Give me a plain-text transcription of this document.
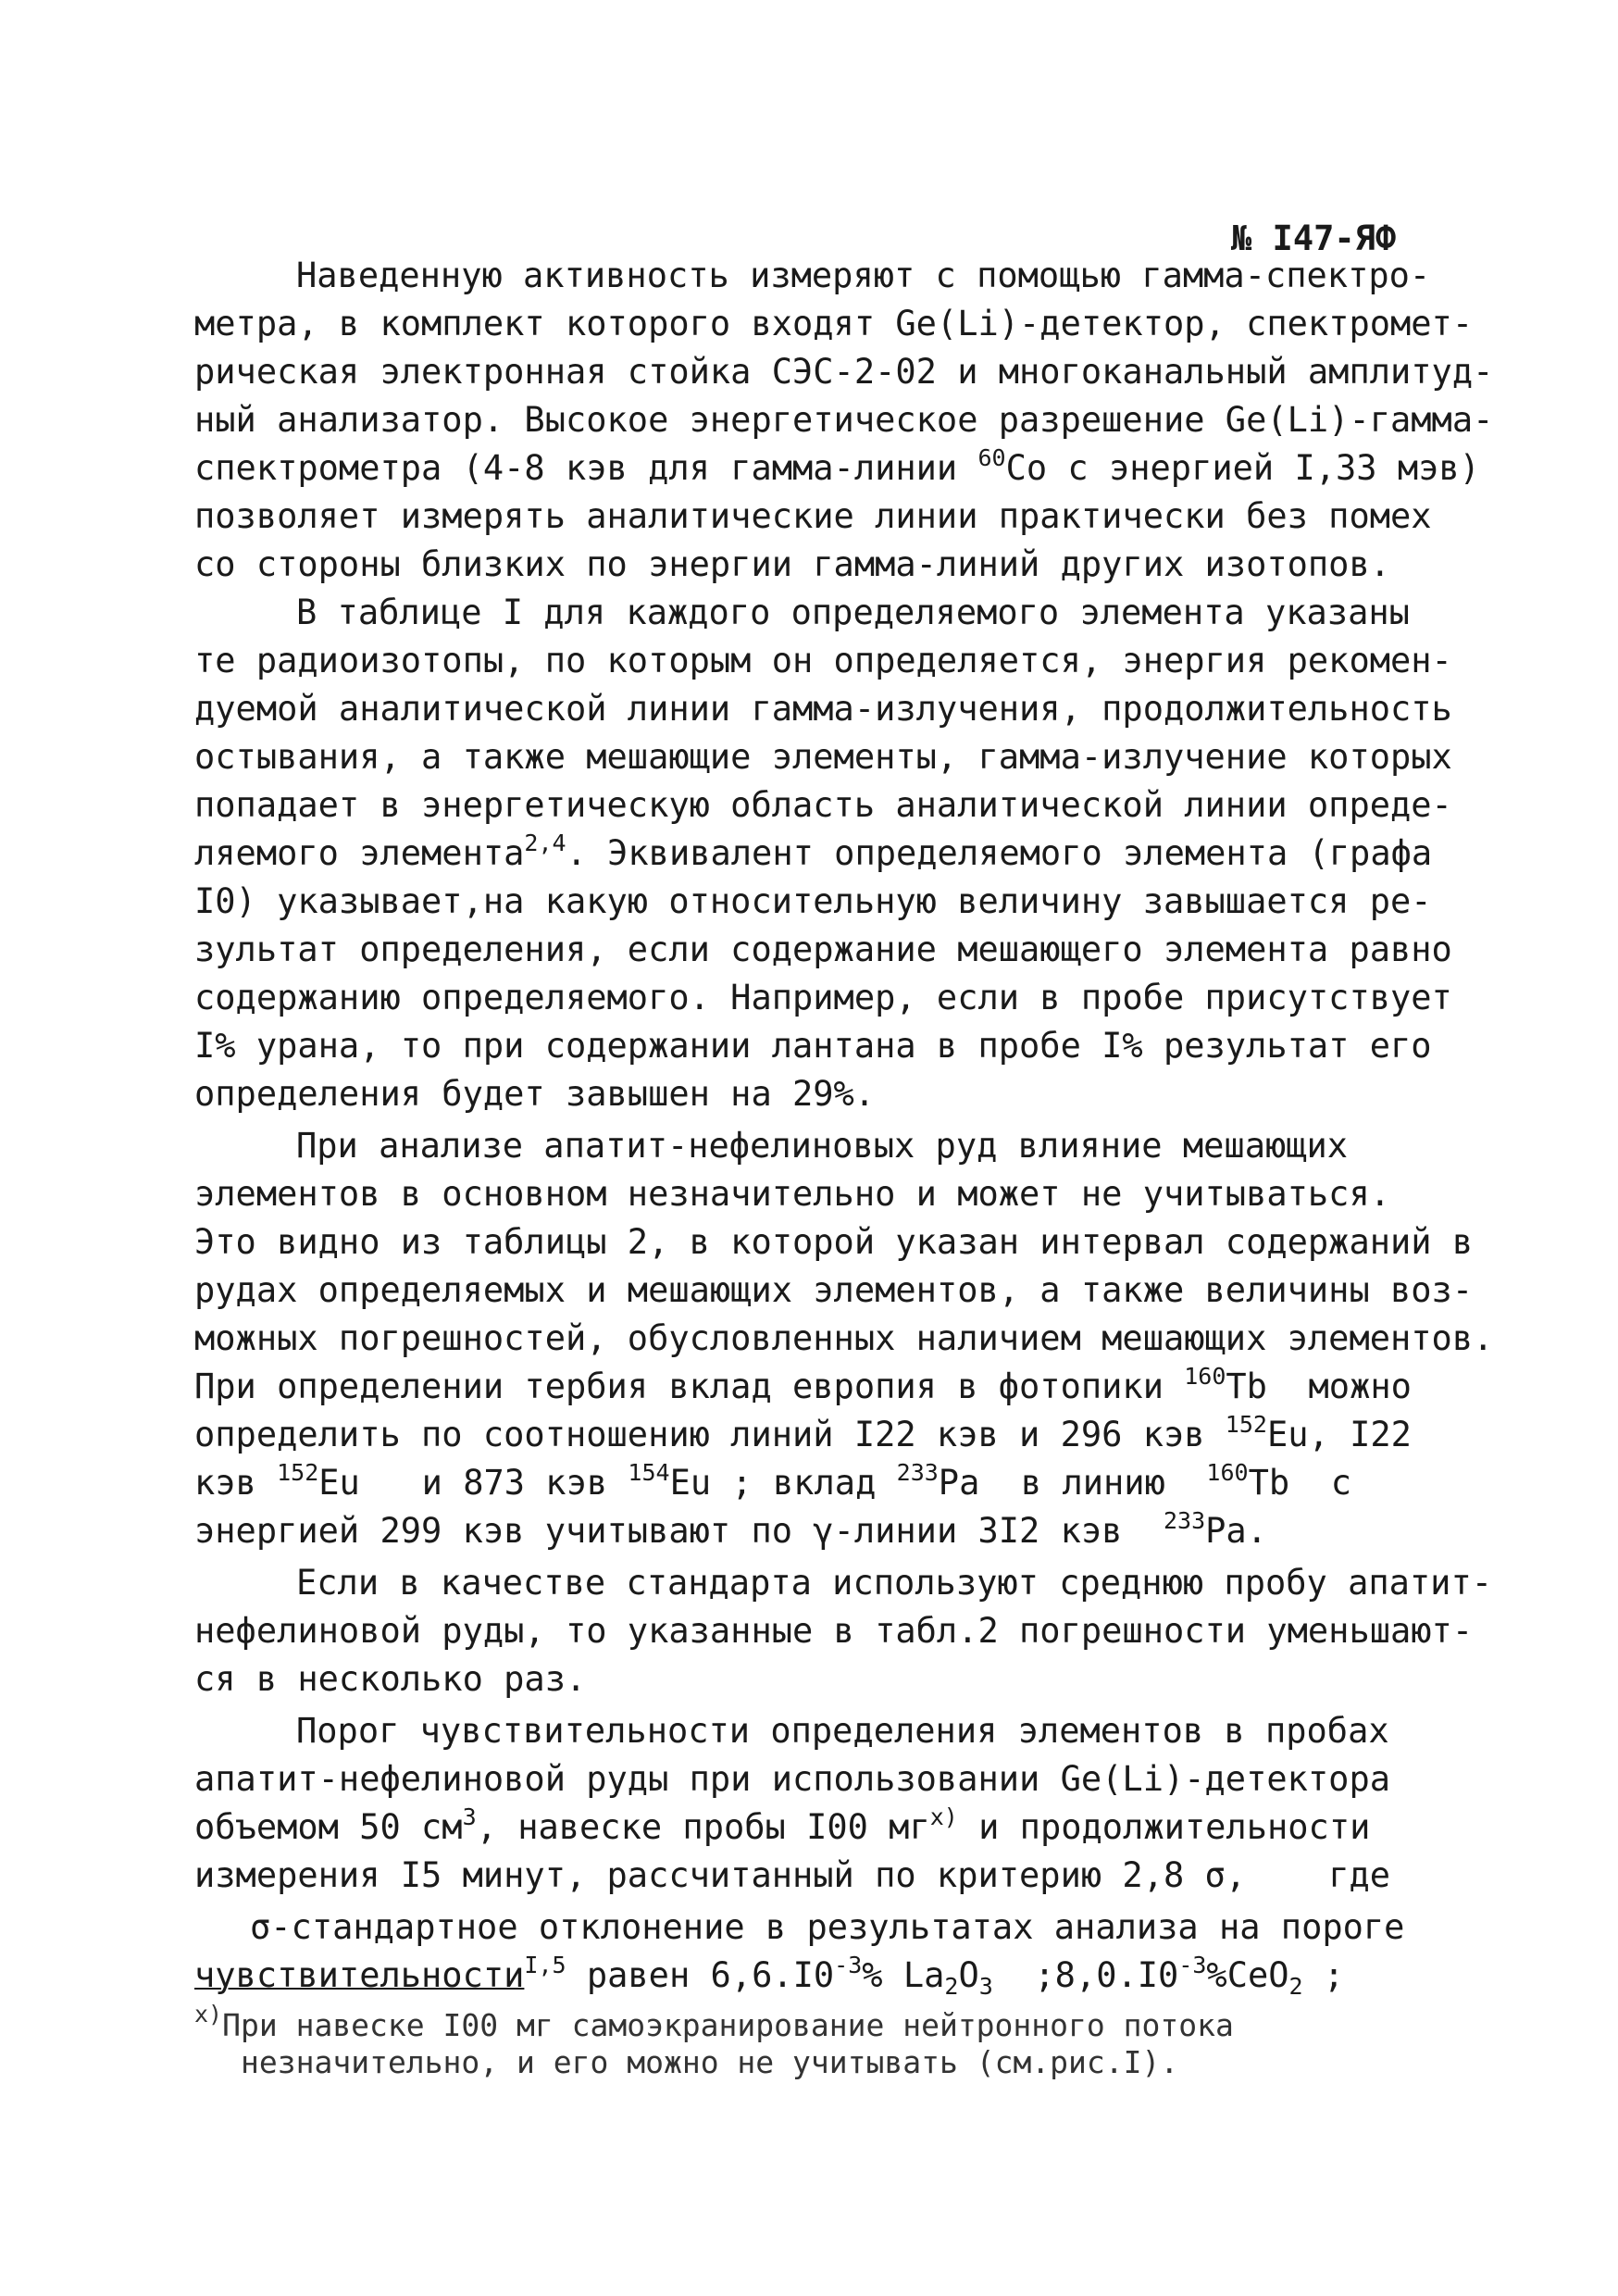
№ I47-ЯФ
Наведенную активность измеряют с помощью гамма-спектро-
метра, в комплект которого входят Ge(Li)-детектор, спектромет-
рическая электронная стойка СЭС-2-02 и многоканальный амплитуд-
ный анализатор. Высокое энергетическое разрешение Ge(Li)-гамма-
спектрометра (4-8 кэв для гамма-линии $^{60}$Co с энергией I,33 мэв)
позволяет измерять аналитические линии практически без помех
со стороны близких по энергии гамма-линий других изотопов.
В таблице I для каждого определяемого элемента указаны
те радиоизотопы, по которым он определяется, энергия рекомен-
дуемой аналитической линии гамма-излучения, продолжительность
остывания, а также мешающие элементы, гамма-излучение которых
попадает в энергетическую область аналитической линии опреде-
ляемого элемента$^{2,4}$. Эквивалент определяемого элемента (графа
I0) указывает,на какую относительную величину завышается ре-
зультат определения, если содержание мешающего элемента равно
содержанию определяемого. Например, если в пробе присутствует
I% урана, то при содержании лантана в пробе I% результат его
определения будет завышен на 29%.
При анализе апатит-нефелиновых руд влияние мешающих
элементов в основном незначительно и может не учитываться.
Это видно из таблицы 2, в которой указан интервал содержаний в
рудах определяемых и мешающих элементов, а также величины воз-
можных погрешностей, обусловленных наличием мешающих элементов.
При определении тербия вклад европия в фотопики $^{160}$Tb можно
определить по соотношению линий I22 кэв и 296 кэв $^{152}$Eu, I22
кэв $^{152}$Eu и 873 кэв $^{154}$Eu ; вклад $^{233}$Pa в линию $^{160}$Tb с
энергией 299 кэв учитывают по γ-линии 3I2 кэв $^{233}$Pa.
Если в качестве стандарта используют среднюю пробу апатит-
нефелиновой руды, то указанные в табл.2 погрешности уменьшают-
ся в несколько раз.
Порог чувствительности определения элементов в пробах
апатит-нефелиновой руды при использовании Ge(Li)-детектора
объемом 50 $см^3$, навеске пробы I00 $мг^{x)}$ и продолжительности
измерения I5 минут, рассчитанный по критерию 2,8 σ,    где
σ-стандартное отклонение в результатах анализа на пороге
чувствительности$^{I,5}$ равен $6,6.I0^{-3}\%$ $La_2O_3$ $;8,0.I0^{-3}\%CeO_2$ ;
$^{x)}$При навеске I00 мг самоэкранирование нейтронного потока
незначительно, и его можно не учитывать (см.рис.I).
